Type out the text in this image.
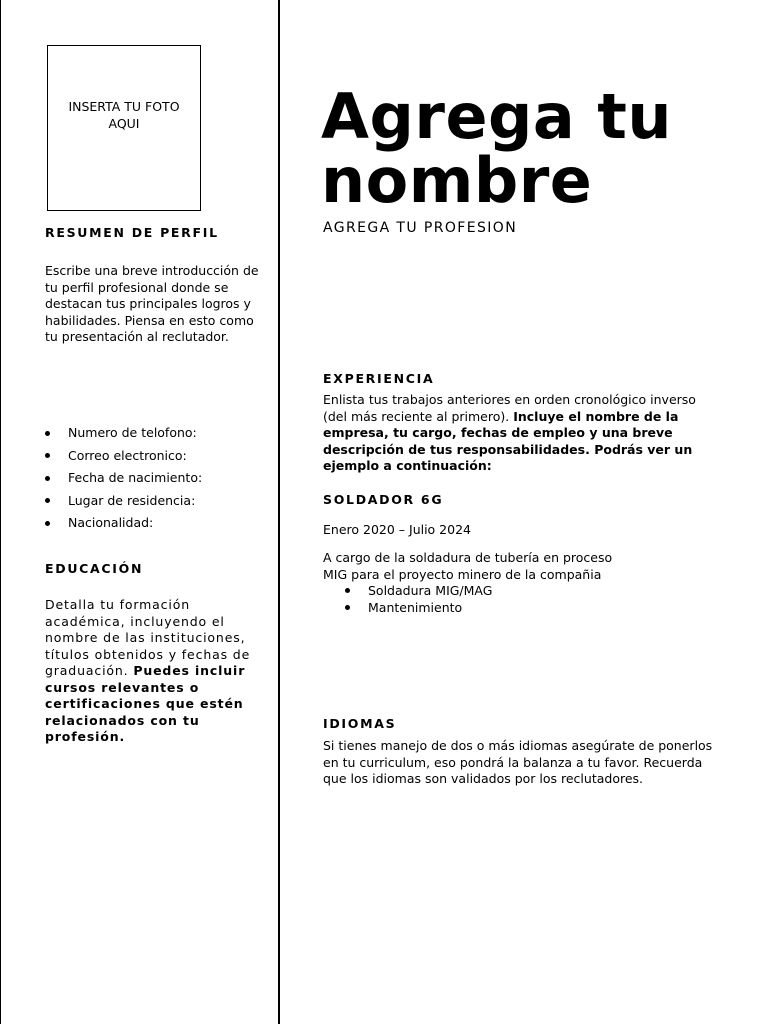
INSERTA TU FOTO AQUI
RESUMEN DE PERFIL

Escribe una breve introducción de tu perfil profesional donde se destacan tus principales logros y habilidades. Piensa en esto como tu presentación al reclutador.

Numero de telofono:
Correo electronico:
Fecha de nacimiento:
Lugar de residencia:
Nacionalidad:
EDUCACIÓN

Detalla tu formación académica, incluyendo el nombre de las instituciones, títulos obtenidos y fechas de graduación. Puedes incluir cursos relevantes o certificaciones que estén relacionados con tu profesión.

Agrega tu nombre

AGREGA TU PROFESION

EXPERIENCIA

Enlista tus trabajos anteriores en orden cronológico inverso (del más reciente al primero). Incluye el nombre de la empresa, tu cargo, fechas de empleo y una breve descripción de tus responsabilidades. Podrás ver un ejemplo a continuación:

SOLDADOR 6G

Enero 2020 – Julio 2024

A cargo de la soldadura de tubería en proceso MIG para el proyecto minero de la compañia

Soldadura MIG/MAG
Mantenimiento
IDIOMAS

Si tienes manejo de dos o más idiomas asegúrate de ponerlos en tu curriculum, eso pondrá la balanza a tu favor. Recuerda que los idiomas son validados por los reclutadores.
